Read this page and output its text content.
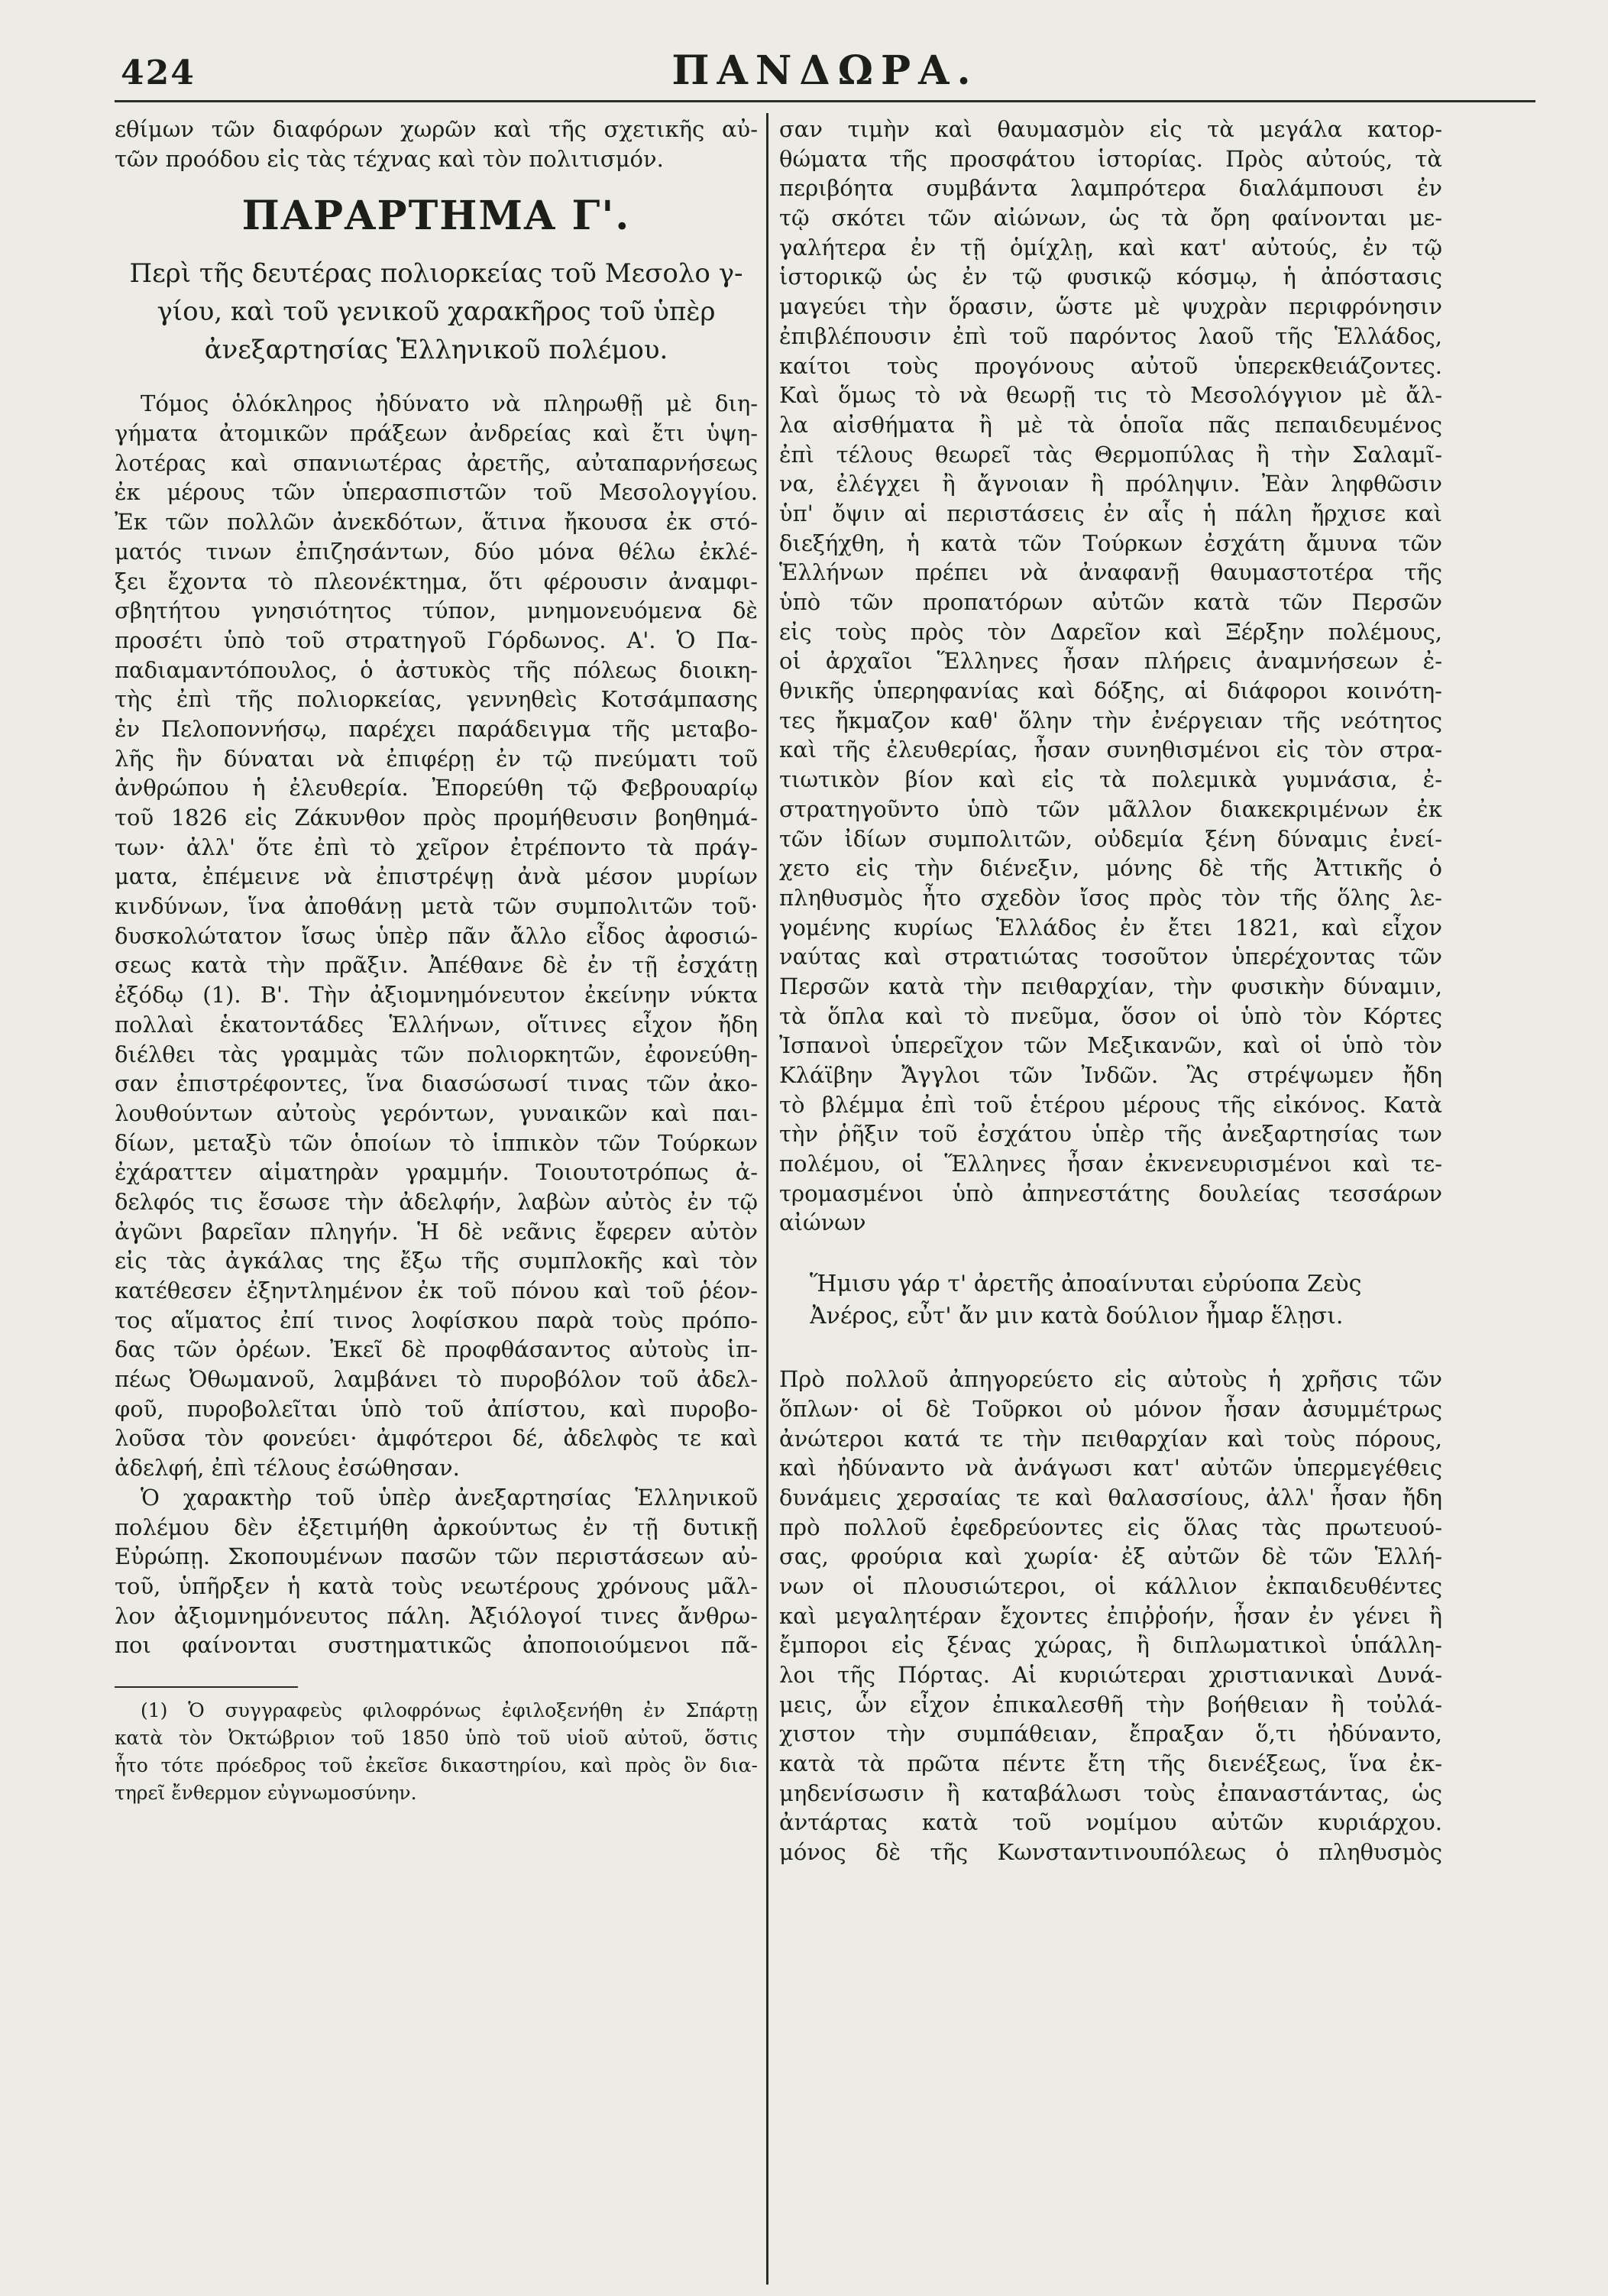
424	ΠΑΝΔΩΡΑ.
εθίμων τῶν διαφόρων χωρῶν καὶ τῆς σχετικῆς αὐ-
τῶν προόδου εἰς τὰς τέχνας καὶ τὸν πολιτισμόν.
ΠΑΡΑΡΤΗΜΑ Γ'.
Περὶ τῆς δευτέρας πολιορκείας τοῦ Μεσολο γ-
γίου, καὶ τοῦ γενικοῦ χαρακῆρος τοῦ ὑπὲρ
ἀνεξαρτησίας Ἑλληνικοῦ πολέμου.
Τόμος ὁλόκληρος ἠδύνατο νὰ πληρωθῇ μὲ διη-
γήματα ἀτομικῶν πράξεων ἀνδρείας καὶ ἔτι ὑψη-
λοτέρας καὶ σπανιωτέρας ἀρετῆς, αὐταπαρνήσεως
ἐκ μέρους τῶν ὑπερασπιστῶν τοῦ Μεσολογγίου.
Ἐκ τῶν πολλῶν ἀνεκδότων, ἅτινα ἤκουσα ἐκ στό-
ματός τινων ἐπιζησάντων, δύο μόνα θέλω ἐκλέ-
ξει ἔχοντα τὸ πλεονέκτημα, ὅτι φέρουσιν ἀναμφι-
σβητήτου γνησιότητος τύπον, μνημονευόμενα δὲ
προσέτι ὑπὸ τοῦ στρατηγοῦ Γόρδωνος. Α'. Ὁ Πα-
παδιαμαντόπουλος, ὁ ἀστυκὸς τῆς πόλεως διοικη-
τὴς ἐπὶ τῆς πολιορκείας, γεννηθεὶς Κοτσάμπασης
ἐν Πελοποννήσῳ, παρέχει παράδειγμα τῆς μεταβο-
λῆς ἣν δύναται νὰ ἐπιφέρῃ ἐν τῷ πνεύματι τοῦ
ἀνθρώπου ἡ ἐλευθερία. Ἐπορεύθη τῷ Φεβρουαρίῳ
τοῦ 1826 εἰς Ζάκυνθον πρὸς προμήθευσιν βοηθημά-
των· ἀλλ' ὅτε ἐπὶ τὸ χεῖρον ἐτρέποντο τὰ πράγ-
ματα, ἐπέμεινε νὰ ἐπιστρέψῃ ἀνὰ μέσον μυρίων
κινδύνων, ἵνα ἀποθάνῃ μετὰ τῶν συμπολιτῶν τοῦ·
δυσκολώτατον ἴσως ὑπὲρ πᾶν ἄλλο εἶδος ἀφοσιώ-
σεως κατὰ τὴν πρᾶξιν. Ἀπέθανε δὲ ἐν τῇ ἐσχάτῃ
ἐξόδῳ (1). Β'. Τὴν ἀξιομνημόνευτον ἐκείνην νύκτα
πολλαὶ ἑκατοντάδες Ἑλλήνων, οἵτινες εἶχον ἤδη
διέλθει τὰς γραμμὰς τῶν πολιορκητῶν, ἐφονεύθη-
σαν ἐπιστρέφοντες, ἵνα διασώσωσί τινας τῶν ἀκο-
λουθούντων αὐτοὺς γερόντων, γυναικῶν καὶ παι-
δίων, μεταξὺ τῶν ὁποίων τὸ ἱππικὸν τῶν Τούρκων
ἐχάραττεν αἱματηρὰν γραμμήν. Τοιουτοτρόπως ἀ-
δελφός τις ἔσωσε τὴν ἀδελφήν, λαβὼν αὐτὸς ἐν τῷ
ἀγῶνι βαρεῖαν πληγήν. Ἡ δὲ νεᾶνις ἔφερεν αὐτὸν
εἰς τὰς ἀγκάλας της ἔξω τῆς συμπλοκῆς καὶ τὸν
κατέθεσεν ἐξηντλημένον ἐκ τοῦ πόνου καὶ τοῦ ῥέον-
τος αἵματος ἐπί τινος λοφίσκου παρὰ τοὺς πρόπο-
δας τῶν ὀρέων. Ἐκεῖ δὲ προφθάσαντος αὐτοὺς ἱπ-
πέως Ὀθωμανοῦ, λαμβάνει τὸ πυροβόλον τοῦ ἀδελ-
φοῦ, πυροβολεῖται ὑπὸ τοῦ ἀπίστου, καὶ πυροβο-
λοῦσα τὸν φονεύει· ἀμφότεροι δέ, ἀδελφὸς τε καὶ
ἀδελφή, ἐπὶ τέλους ἐσώθησαν.
Ὁ χαρακτὴρ τοῦ ὑπὲρ ἀνεξαρτησίας Ἑλληνικοῦ
πολέμου δὲν ἐξετιμήθη ἀρκούντως ἐν τῇ δυτικῇ
Εὐρώπῃ. Σκοπουμένων πασῶν τῶν περιστάσεων αὐ-
τοῦ, ὑπῆρξεν ἡ κατὰ τοὺς νεωτέρους χρόνους μᾶλ-
λον ἀξιομνημόνευτος πάλη. Ἀξιόλογοί τινες ἄνθρω-
ποι φαίνονται συστηματικῶς ἀποποιούμενοι πᾶ-
(1) Ὁ συγγραφεὺς φιλοφρόνως ἐφιλοξενήθη ἐν Σπάρτῃ
κατὰ τὸν Ὀκτώβριον τοῦ 1850 ὑπὸ τοῦ υἱοῦ αὐτοῦ, ὅστις
ἦτο τότε πρόεδρος τοῦ ἐκεῖσε δικαστηρίου, καὶ πρὸς ὃν δια-
τηρεῖ ἔνθερμον εὐγνωμοσύνην.
σαν τιμὴν καὶ θαυμασμὸν εἰς τὰ μεγάλα κατορ-
θώματα τῆς προσφάτου ἱστορίας. Πρὸς αὐτούς, τὰ
περιβόητα συμβάντα λαμπρότερα διαλάμπουσι ἐν
τῷ σκότει τῶν αἰώνων, ὡς τὰ ὄρη φαίνονται με-
γαλήτερα ἐν τῇ ὁμίχλῃ, καὶ κατ' αὐτούς, ἐν τῷ
ἱστορικῷ ὡς ἐν τῷ φυσικῷ κόσμῳ, ἡ ἀπόστασις
μαγεύει τὴν ὅρασιν, ὥστε μὲ ψυχρὰν περιφρόνησιν
ἐπιβλέπουσιν ἐπὶ τοῦ παρόντος λαοῦ τῆς Ἑλλάδος,
καίτοι τοὺς προγόνους αὐτοῦ ὑπερεκθειάζοντες.
Καὶ ὅμως τὸ νὰ θεωρῇ τις τὸ Μεσολόγγιον μὲ ἄλ-
λα αἰσθήματα ἢ μὲ τὰ ὁποῖα πᾶς πεπαιδευμένος
ἐπὶ τέλους θεωρεῖ τὰς Θερμοπύλας ἢ τὴν Σαλαμῖ-
να, ἐλέγχει ἢ ἄγνοιαν ἢ πρόληψιν. Ἐὰν ληφθῶσιν
ὑπ' ὄψιν αἱ περιστάσεις ἐν αἷς ἡ πάλη ἤρχισε καὶ
διεξήχθη, ἡ κατὰ τῶν Τούρκων ἐσχάτη ἄμυνα τῶν
Ἑλλήνων πρέπει νὰ ἀναφανῇ θαυμαστοτέρα τῆς
ὑπὸ τῶν προπατόρων αὐτῶν κατὰ τῶν Περσῶν
εἰς τοὺς πρὸς τὸν Δαρεῖον καὶ Ξέρξην πολέμους,
οἱ ἀρχαῖοι Ἕλληνες ἦσαν πλήρεις ἀναμνήσεων ἐ-
θνικῆς ὑπερηφανίας καὶ δόξης, αἱ διάφοροι κοινότη-
τες ἤκμαζον καθ' ὅλην τὴν ἐνέργειαν τῆς νεότητος
καὶ τῆς ἐλευθερίας, ἦσαν συνηθισμένοι εἰς τὸν στρα-
τιωτικὸν βίον καὶ εἰς τὰ πολεμικὰ γυμνάσια, ἐ-
στρατηγοῦντο ὑπὸ τῶν μᾶλλον διακεκριμένων ἐκ
τῶν ἰδίων συμπολιτῶν, οὐδεμία ξένη δύναμις ἐνεί-
χετο εἰς τὴν διένεξιν, μόνης δὲ τῆς Ἀττικῆς ὁ
πληθυσμὸς ἦτο σχεδὸν ἴσος πρὸς τὸν τῆς ὅλης λε-
γομένης κυρίως Ἑλλάδος ἐν ἔτει 1821, καὶ εἶχον
ναύτας καὶ στρατιώτας τοσοῦτον ὑπερέχοντας τῶν
Περσῶν κατὰ τὴν πειθαρχίαν, τὴν φυσικὴν δύναμιν,
τὰ ὅπλα καὶ τὸ πνεῦμα, ὅσον οἱ ὑπὸ τὸν Κόρτες
Ἰσπανοὶ ὑπερεῖχον τῶν Μεξικανῶν, καὶ οἱ ὑπὸ τὸν
Κλάϊβην Ἄγγλοι τῶν Ἰνδῶν. Ἂς στρέψωμεν ἤδη
τὸ βλέμμα ἐπὶ τοῦ ἑτέρου μέρους τῆς εἰκόνος. Κατὰ
τὴν ῥῆξιν τοῦ ἐσχάτου ὑπὲρ τῆς ἀνεξαρτησίας των
πολέμου, οἱ Ἕλληνες ἦσαν ἐκνενευρισμένοι καὶ τε-
τρομασμένοι ὑπὸ ἀπηνεστάτης δουλείας τεσσάρων
αἰώνων
Ἥμισυ γάρ τ' ἀρετῆς ἀποαίνυται εὐρύοπα Ζεὺς
Ἀνέρος, εὖτ' ἄν μιν κατὰ δούλιον ἦμαρ ἕλῃσι.
Πρὸ πολλοῦ ἀπηγορεύετο εἰς αὐτοὺς ἡ χρῆσις τῶν
ὅπλων· οἱ δὲ Τοῦρκοι οὐ μόνον ἦσαν ἀσυμμέτρως
ἀνώτεροι κατά τε τὴν πειθαρχίαν καὶ τοὺς πόρους,
καὶ ἠδύναντο νὰ ἀνάγωσι κατ' αὐτῶν ὑπερμεγέθεις
δυνάμεις χερσαίας τε καὶ θαλασσίους, ἀλλ' ἦσαν ἤδη
πρὸ πολλοῦ ἐφεδρεύοντες εἰς ὅλας τὰς πρωτευού-
σας, φρούρια καὶ χωρία· ἐξ αὐτῶν δὲ τῶν Ἑλλή-
νων οἱ πλουσιώτεροι, οἱ κάλλιον ἐκπαιδευθέντες
καὶ μεγαλητέραν ἔχοντες ἐπιῤῥοήν, ἦσαν ἐν γένει ἢ
ἔμποροι εἰς ξένας χώρας, ἢ διπλωματικοὶ ὑπάλλη-
λοι τῆς Πόρτας. Αἱ κυριώτεραι χριστιανικαὶ Δυνά-
μεις, ὧν εἶχον ἐπικαλεσθῆ τὴν βοήθειαν ἢ τοὐλά-
χιστον τὴν συμπάθειαν, ἔπραξαν ὅ,τι ἠδύναντο,
κατὰ τὰ πρῶτα πέντε ἔτη τῆς διενέξεως, ἵνα ἐκ-
μηδενίσωσιν ἢ καταβάλωσι τοὺς ἐπαναστάντας, ὡς
ἀντάρτας κατὰ τοῦ νομίμου αὐτῶν κυριάρχου.
μόνος δὲ τῆς Κωνσταντινουπόλεως ὁ πληθυσμὸς
